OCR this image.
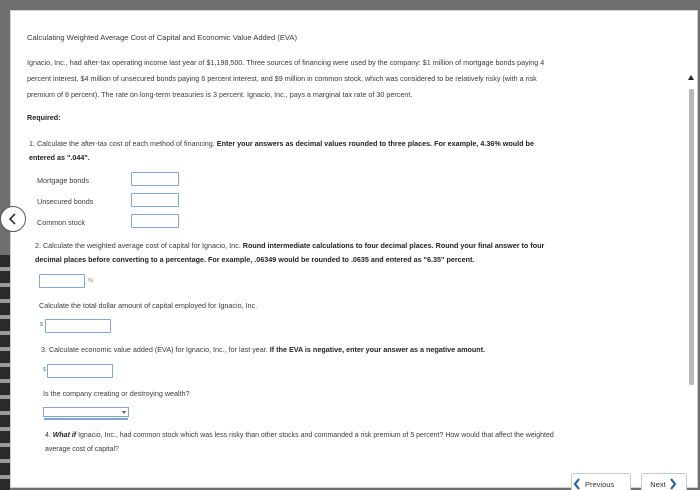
Calculating Weighted Average Cost of Capital and Economic Value Added (EVA)
Ignacio, Inc., had after-tax operating income last year of $1,198,500. Three sources of financing were used by the company: $1 million of mortgage bonds paying 4
percent interest, $4 million of unsecured bonds paying 6 percent interest, and $9 million in common stock, which was considered to be relatively risky (with a risk
premium of 8 percent). The rate on long-term treasuries is 3 percent. Ignacio, Inc., pays a marginal tax rate of 30 percent.
Required:
1. Calculate the after-tax cost of each method of financing. Enter your answers as decimal values rounded to three places. For example, 4.36% would be
entered as ".044".
Mortgage bonds
Unsecured bonds
Common stock
2. Calculate the weighted average cost of capital for Ignacio, Inc. Round intermediate calculations to four decimal places. Round your final answer to four
decimal places before converting to a percentage. For example, .06349 would be rounded to .0635 and entered as "6.35" percent.
%
Calculate the total dollar amount of capital employed for Ignacio, Inc.
$
3. Calculate economic value added (EVA) for Ignacio, Inc., for last year. If the EVA is negative, enter your answer as a negative amount.
$
Is the company creating or destroying wealth?
4. What if Ignacio, Inc., had common stock which was less risky than other stocks and commanded a risk premium of 5 percent? How would that affect the weighted
average cost of capital?
Previous	Next
